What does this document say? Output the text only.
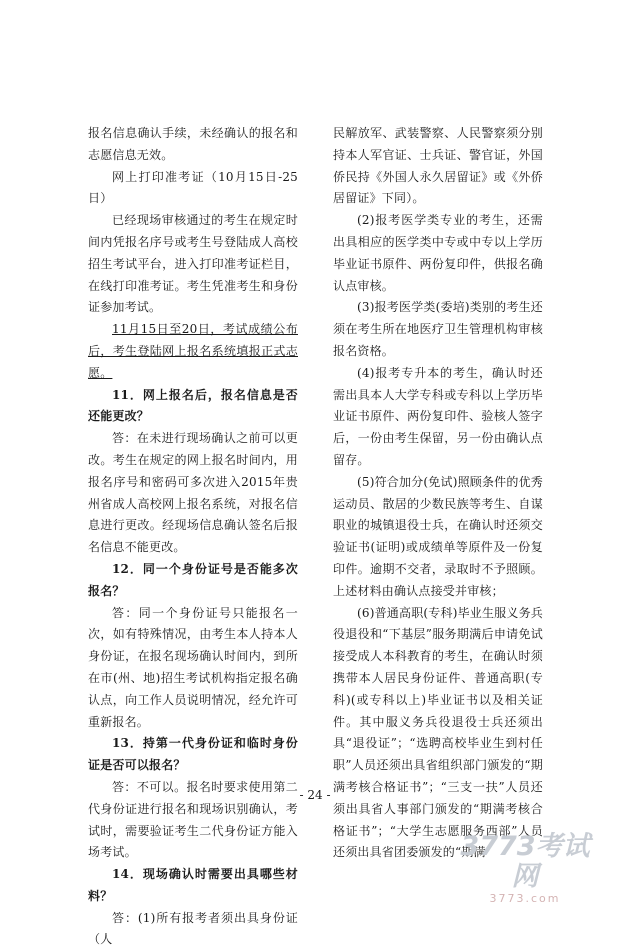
报名信息确认手续，未经确认的报名和志愿信息无效。

网上打印准考证（10月15日-25日）

已经现场审核通过的考生在规定时间内凭报名序号或考生号登陆成人高校招生考试平台，进入打印准考证栏目，在线打印准考证。考生凭准考生和身份证参加考试。

11月15日至20日，考试成绩公布后，考生登陆网上报名系统填报正式志愿。

11．网上报名后，报名信息是否还能更改？

答：在未进行现场确认之前可以更改。考生在规定的网上报名时间内，用报名序号和密码可多次进入2015年贵州省成人高校网上报名系统，对报名信息进行更改。经现场信息确认签名后报名信息不能更改。

12．同一个身份证号是否能多次报名？

答：同一个身份证号只能报名一次，如有特殊情况，由考生本人持本人身份证，在报名现场确认时间内，到所在市(州、地)招生考试机构指定报名确认点，向工作人员说明情况，经允许可重新报名。

13．持第一代身份证和临时身份证是否可以报名？

答：不可以。报名时要求使用第二代身份证进行报名和现场识别确认，考试时，需要验证考生二代身份证方能入场考试。

14．现场确认时需要出具哪些材料？

答：(1)所有报考者须出具身份证（人

民解放军、武装警察、人民警察须分别持本人军官证、士兵证、警官证，外国侨民持《外国人永久居留证》或《外侨居留证》下同）。

(2)报考医学类专业的考生，还需出具相应的医学类中专或中专以上学历毕业证书原件、两份复印件，供报名确认点审核。

(3)报考医学类(委培)类别的考生还须在考生所在地医疗卫生管理机构审核报名资格。

(4)报考专升本的考生，确认时还需出具本人大学专科或专科以上学历毕业证书原件、两份复印件、验核人签字后，一份由考生保留，另一份由确认点留存。

(5)符合加分(免试)照顾条件的优秀运动员、散居的少数民族等考生、自谋职业的城镇退役士兵，在确认时还须交验证书(证明)或成绩单等原件及一份复印件。逾期不交者，录取时不予照顾。上述材料由确认点接受并审核；

(6)普通高职(专科)毕业生服义务兵役退役和“下基层”服务期满后申请免试接受成人本科教育的考生，在确认时须携带本人居民身份证件、普通高职(专科)(或专科以上)毕业证书以及相关证件。其中服义务兵役退役士兵还须出具“退役证”；“选聘高校毕业生到村任职”人员还须出具省组织部门颁发的“期满考核合格证书”；“三支一扶”人员还须出具省人事部门颁发的“期满考核合格证书”；“大学生志愿服务西部”人员还须出具省团委颁发的“期满

- 24 -
3773考试网
3773.com
